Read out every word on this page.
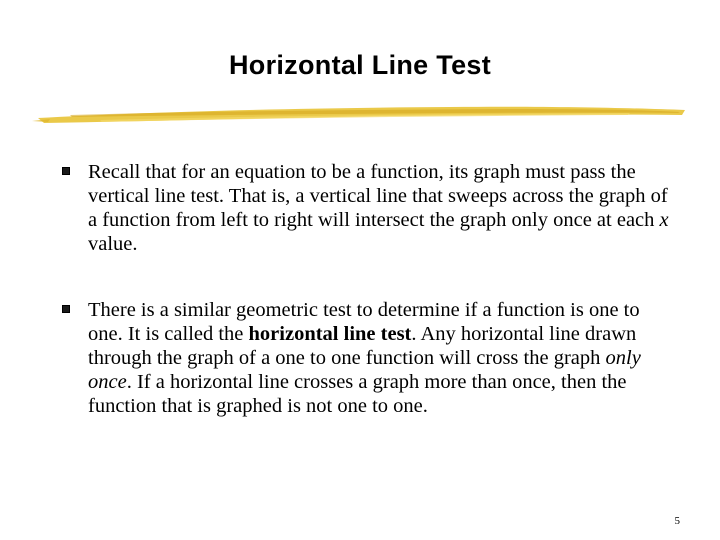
Horizontal Line Test
Recall that for an equation to be a function, its graph must pass the vertical line test. That is, a vertical line that sweeps across the graph of a function from left to right will intersect the graph only once at each x value.
There is a similar geometric test to determine if a function is one to one. It is called the horizontal line test. Any horizontal line drawn through the graph of a one to one function will cross the graph only once. If a horizontal line crosses a graph more than once, then the function that is graphed is not one to one.
5
